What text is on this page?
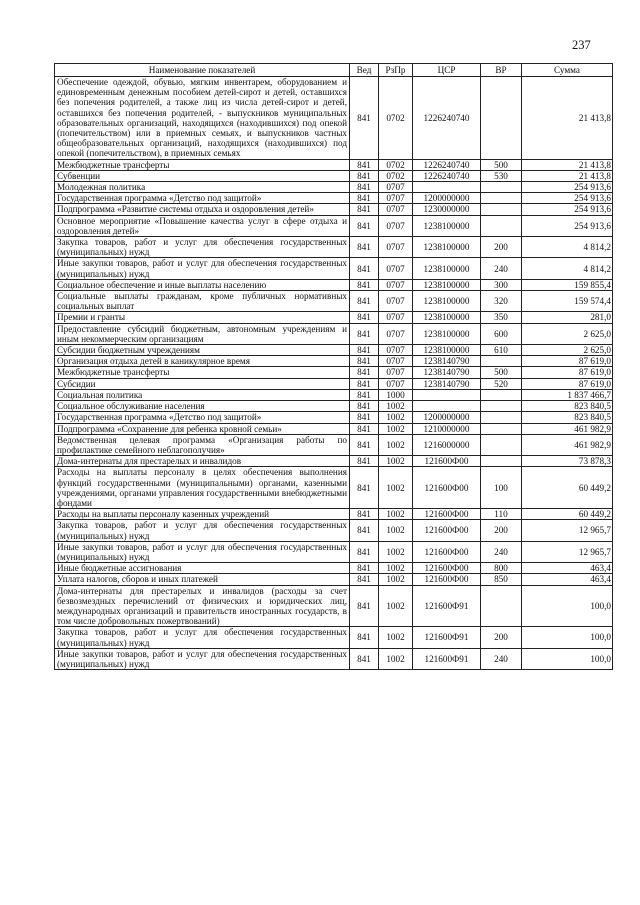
237
Наименование показателей	Вед	РзПр	ЦСР	ВР	Сумма
Обеспечение одеждой, обувью, мягким инвентарем, оборудованием и единовременным денежным пособием детей-сирот и детей, оставшихся без попечения родителей, а также лиц из числа детей-сирот и детей, оставшихся без попечения родителей, - выпускников муниципальных образовательных организаций, находящихся (находившихся) под опекой (попечительством) или в приемных семьях, и выпускников частных общеобразовательных организаций, находящихся (находившихся) под опекой (попечительством), в приемных семьях	841	0702	1226240740		21 413,8
Межбюджетные трансферты	841	0702	1226240740	500	21 413,8
Субвенции	841	0702	1226240740	530	21 413,8
Молодежная политика	841	0707			254 913,6
Государственная программа «Детство под защитой»	841	0707	1200000000		254 913,6
Подпрограмма «Развитие системы отдыха и оздоровления детей»	841	0707	1230000000		254 913,6
Основное мероприятие «Повышение качества услуг в сфере отдыха и оздоровления детей»	841	0707	1238100000		254 913,6
Закупка товаров, работ и услуг для обеспечения государственных (муниципальных) нужд	841	0707	1238100000	200	4 814,2
Иные закупки товаров, работ и услуг для обеспечения государственных (муниципальных) нужд	841	0707	1238100000	240	4 814,2
Социальное обеспечение и иные выплаты населению	841	0707	1238100000	300	159 855,4
Социальные выплаты гражданам, кроме публичных нормативных социальных выплат	841	0707	1238100000	320	159 574,4
Премии и гранты	841	0707	1238100000	350	281,0
Предоставление субсидий бюджетным, автономным учреждениям и иным некоммерческим организациям	841	0707	1238100000	600	2 625,0
Субсидии бюджетным учреждениям	841	0707	1238100000	610	2 625,0
Организация отдыха детей в каникулярное время	841	0707	1238140790		87 619,0
Межбюджетные трансферты	841	0707	1238140790	500	87 619,0
Субсидии	841	0707	1238140790	520	87 619,0
Социальная политика	841	1000			1 837 466,7
Социальное обслуживание населения	841	1002			823 840,5
Государственная программа «Детство под защитой»	841	1002	1200000000		823 840,5
Подпрограмма «Сохранение для ребенка кровной семьи»	841	1002	1210000000		461 982,9
Ведомственная целевая программа «Организация работы по профилактике семейного неблагополучия»	841	1002	1216000000		461 982,9
Дома-интернаты для престарелых и инвалидов	841	1002	121600Ф00		73 878,3
Расходы на выплаты персоналу в целях обеспечения выполнения функций государственными (муниципальными) органами, казенными учреждениями, органами управления государственными внебюджетными фондами	841	1002	121600Ф00	100	60 449,2
Расходы на выплаты персоналу казенных учреждений	841	1002	121600Ф00	110	60 449,2
Закупка товаров, работ и услуг для обеспечения государственных (муниципальных) нужд	841	1002	121600Ф00	200	12 965,7
Иные закупки товаров, работ и услуг для обеспечения государственных (муниципальных) нужд	841	1002	121600Ф00	240	12 965,7
Иные бюджетные ассигнования	841	1002	121600Ф00	800	463,4
Уплата налогов, сборов и иных платежей	841	1002	121600Ф00	850	463,4
Дома-интернаты для престарелых и инвалидов (расходы за счет безвозмездных перечислений от физических и юридических лиц, международных организаций и правительств иностранных государств, в том числе добровольных пожертвований)	841	1002	121600Ф91		100,0
Закупка товаров, работ и услуг для обеспечения государственных (муниципальных) нужд	841	1002	121600Ф91	200	100,0
Иные закупки товаров, работ и услуг для обеспечения государственных (муниципальных) нужд	841	1002	121600Ф91	240	100,0
